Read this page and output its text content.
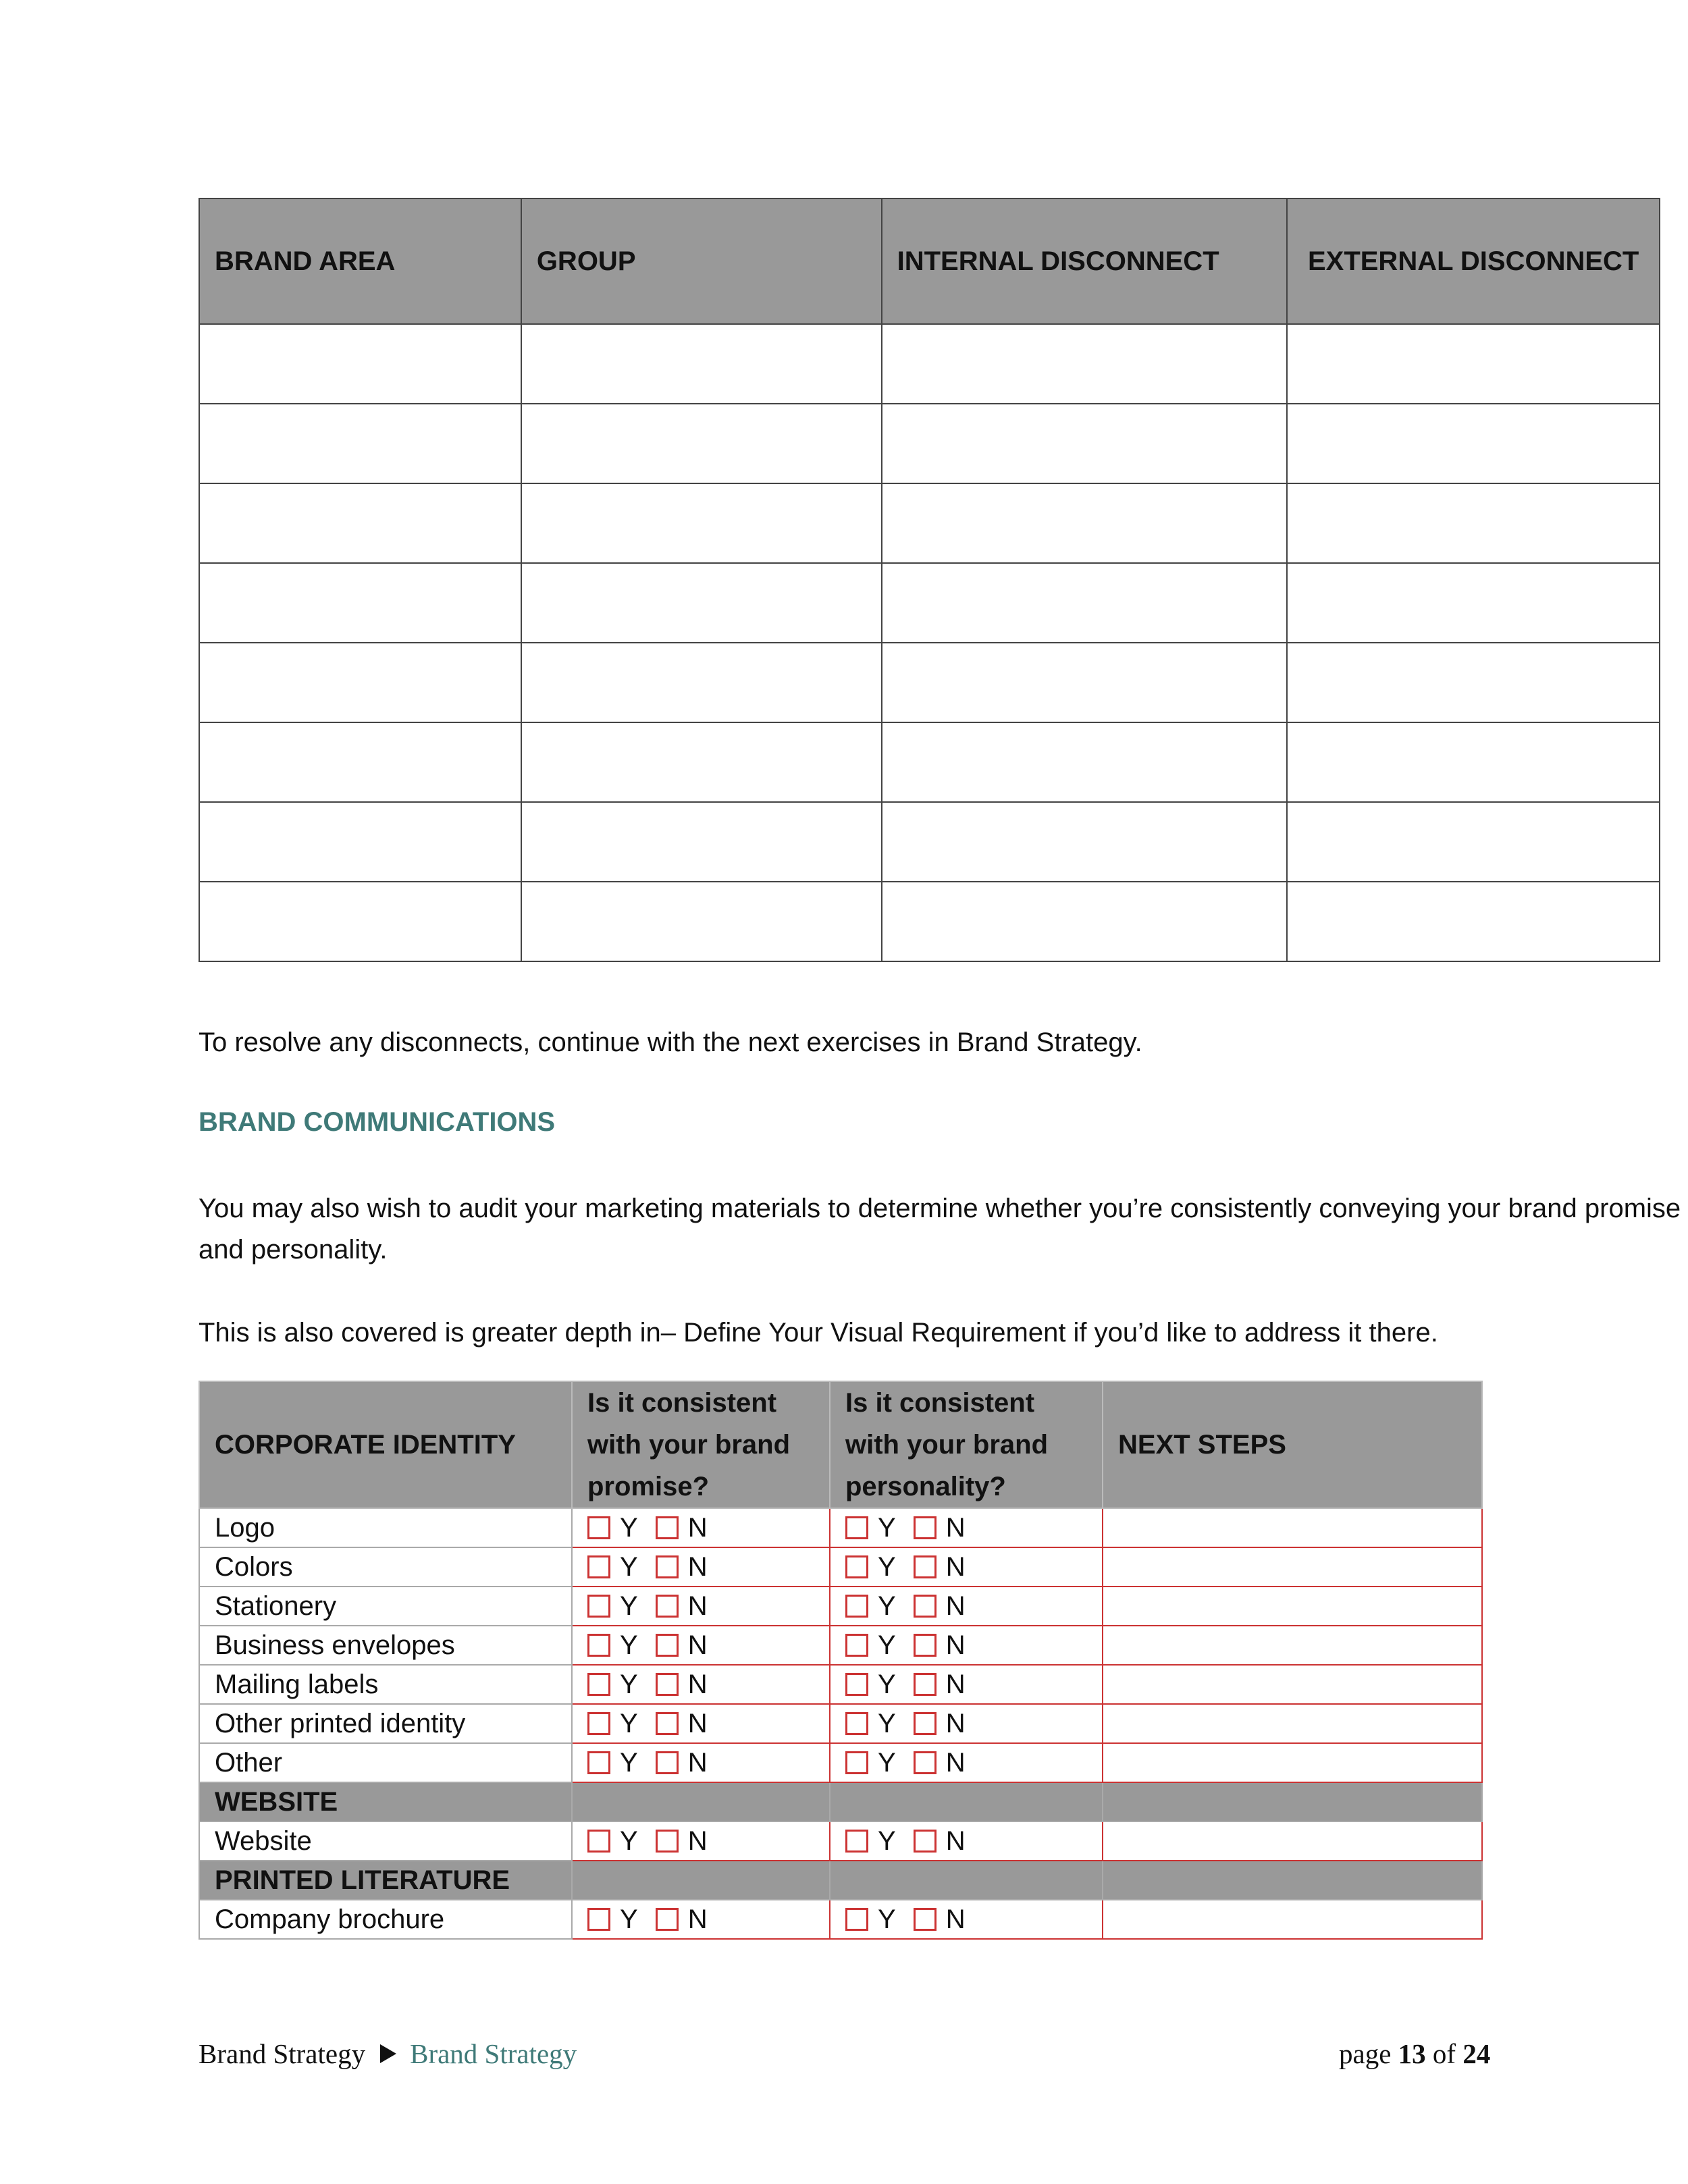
BRAND AREA	GROUP	INTERNAL DISCONNECT	EXTERNAL DISCONNECT

To resolve any disconnects, continue with the next exercises in Brand Strategy.
BRAND COMMUNICATIONS
You may also wish to audit your marketing materials to determine whether you’re consistently conveying your brand promise and personality.
This is also covered is greater depth in– Define Your Visual Requirement if you’d like to address it there.
CORPORATE IDENTITY	Is it consistent with your brand promise?	Is it consistent with your brand personality?	NEXT STEPS
Logo	Y N	Y N	
Colors	Y N	Y N	
Stationery	Y N	Y N	
Business envelopes	Y N	Y N	
Mailing labels	Y N	Y N	
Other printed identity	Y N	Y N	
Other	Y N	Y N	
WEBSITE			
Website	Y N	Y N	
PRINTED LITERATURE			
Company brochure	Y N	Y N	
Brand Strategy Brand Strategy	page 13 of 24
